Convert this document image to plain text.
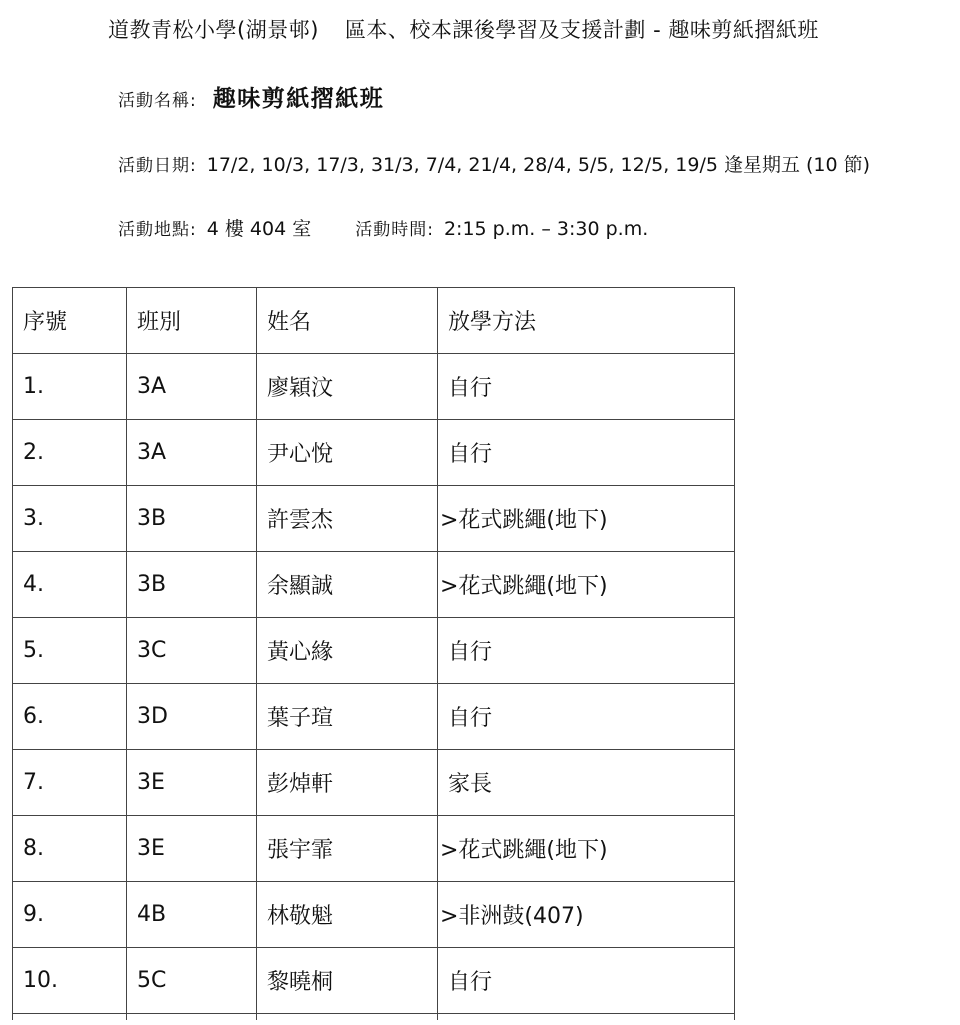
道教青松小學(湖景邨) 區本、校本課後學習及支援計劃 - 趣味剪紙摺紙班
活動名稱: 趣味剪紙摺紙班
活動日期: 17/2, 10/3, 17/3, 31/3, 7/4, 21/4, 28/4, 5/5, 12/5, 19/5 逢星期五 (10 節)
活動地點: 4 樓 404 室	活動時間: 2:15 p.m. – 3:30 p.m.
序號	班別	姓名	放學方法
1.	3A	廖穎汶	自行
2.	3A	尹心悅	自行
3.	3B	許雲杰	>花式跳繩(地下)
4.	3B	余顯誠	>花式跳繩(地下)
5.	3C	黃心緣	自行
6.	3D	葉子瑄	自行
7.	3E	彭焯軒	家長
8.	3E	張宇霏	>花式跳繩(地下)
9.	4B	林敬魁	>非洲鼓(407)
10.	5C	黎曉桐	自行
